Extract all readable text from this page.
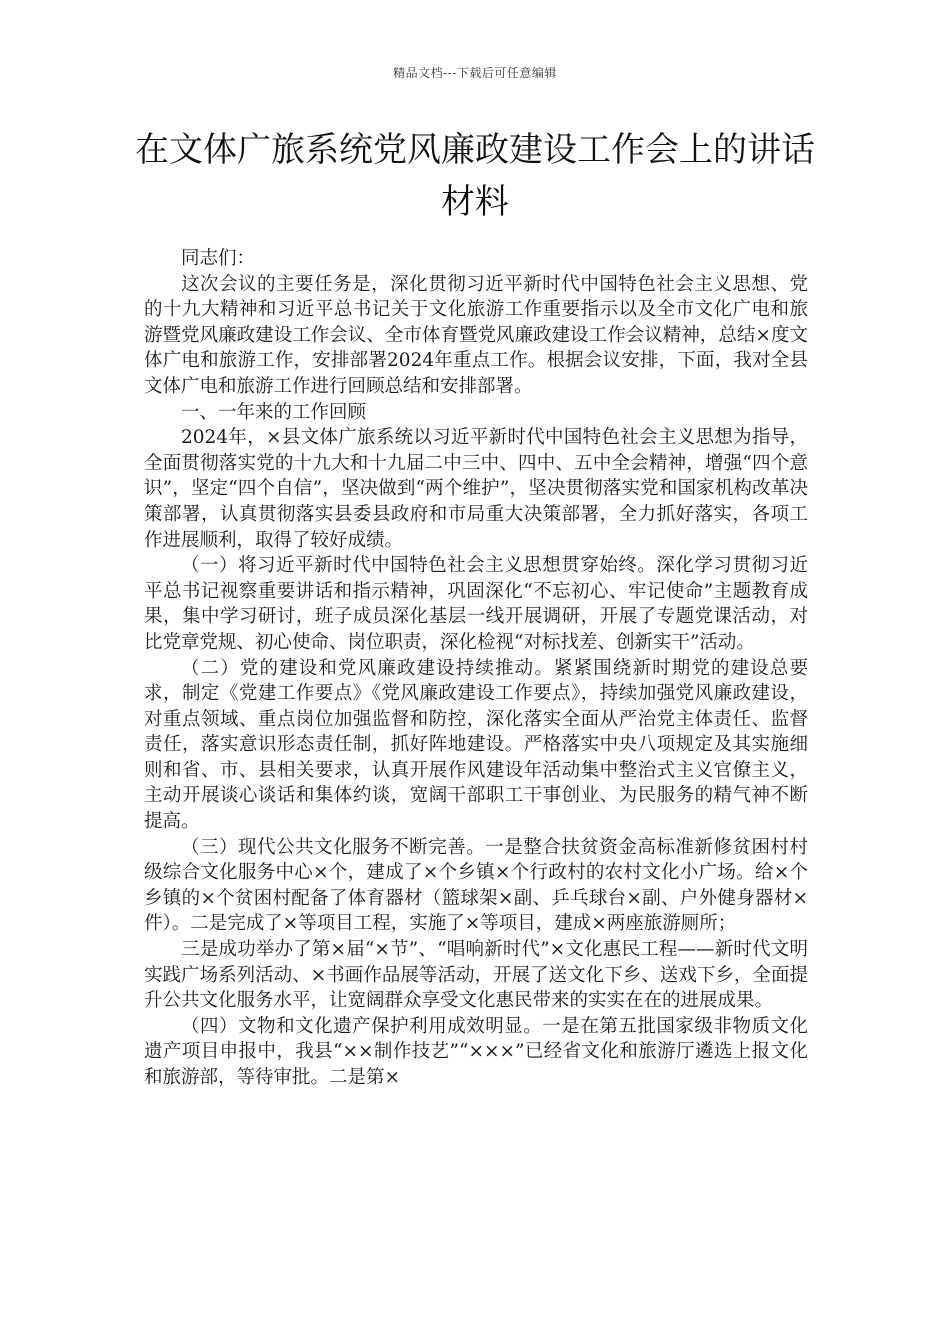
精品文档---下载后可任意编辑
在文体广旅系统党风廉政建设工作会上的讲话材料

同志们：

这次会议的主要任务是，深化贯彻习近平新时代中国特色社会主义思想、党的十九大精神和习近平总书记关于文化旅游工作重要指示以及全市文化广电和旅游暨党风廉政建设工作会议、全市体育暨党风廉政建设工作会议精神，总结×度文体广电和旅游工作，安排部署2024年重点工作。根据会议安排，下面，我对全县文体广电和旅游工作进行回顾总结和安排部署。

一、一年来的工作回顾

2024年，×县文体广旅系统以习近平新时代中国特色社会主义思想为指导，全面贯彻落实党的十九大和十九届二中三中、四中、五中全会精神，增强“四个意识”，坚定“四个自信”，坚决做到“两个维护”，坚决贯彻落实党和国家机构改革决策部署，认真贯彻落实县委县政府和市局重大决策部署，全力抓好落实，各项工作进展顺利，取得了较好成绩。

（一）将习近平新时代中国特色社会主义思想贯穿始终。深化学习贯彻习近平总书记视察重要讲话和指示精神，巩固深化“不忘初心、牢记使命”主题教育成果，集中学习研讨，班子成员深化基层一线开展调研，开展了专题党课活动，对比党章党规、初心使命、岗位职责，深化检视“对标找差、创新实干”活动。

（二）党的建设和党风廉政建设持续推动。紧紧围绕新时期党的建设总要求，制定《党建工作要点》《党风廉政建设工作要点》，持续加强党风廉政建设，对重点领域、重点岗位加强监督和防控，深化落实全面从严治党主体责任、监督责任，落实意识形态责任制，抓好阵地建设。严格落实中央八项规定及其实施细则和省、市、县相关要求，认真开展作风建设年活动集中整治式主义官僚主义，主动开展谈心谈话和集体约谈，宽阔干部职工干事创业、为民服务的精气神不断提高。

（三）现代公共文化服务不断完善。一是整合扶贫资金高标准新修贫困村村级综合文化服务中心×个，建成了×个乡镇×个行政村的农村文化小广场。给×个乡镇的×个贫困村配备了体育器材（篮球架×副、乒乓球台×副、户外健身器材×件）。二是完成了×等项目工程，实施了×等项目，建成×两座旅游厕所；

三是成功举办了第×届“×节”、“唱响新时代”×文化惠民工程——新时代文明实践广场系列活动、×书画作品展等活动，开展了送文化下乡、送戏下乡，全面提升公共文化服务水平，让宽阔群众享受文化惠民带来的实实在在的进展成果。

（四）文物和文化遗产保护利用成效明显。一是在第五批国家级非物质文化遗产项目申报中，我县“××制作技艺”“×××”已经省文化和旅游厅遴选上报文化和旅游部，等待审批。二是第×
